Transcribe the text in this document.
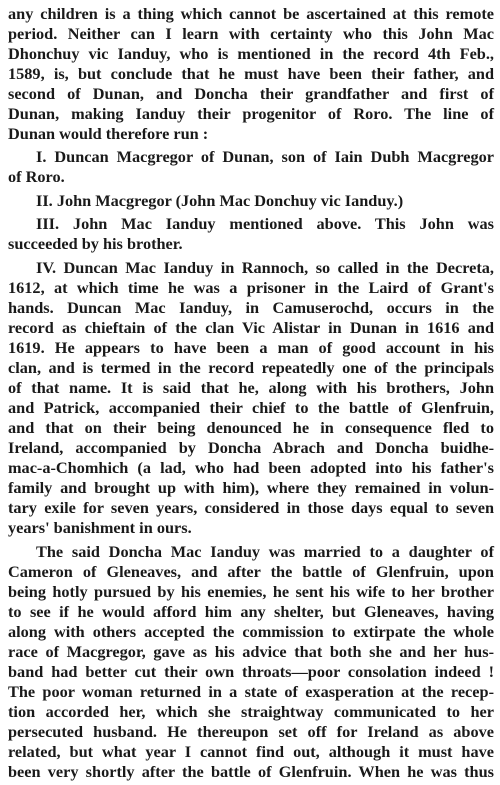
any children is a thing which cannot be ascertained at this remote
period. Neither can I learn with certainty who this John Mac
Dhonchuy vic Ianduy, who is mentioned in the record 4th Feb.,
1589, is, but conclude that he must have been their father, and
second of Dunan, and Doncha their grandfather and first of
Dunan, making Ianduy their progenitor of Roro. The line of
Dunan would therefore run :
I. Duncan Macgregor of Dunan, son of Iain Dubh Macgregor
of Roro.
II. John Macgregor (John Mac Donchuy vic Ianduy.)
III. John Mac Ianduy mentioned above. This John was
succeeded by his brother.
IV. Duncan Mac Ianduy in Rannoch, so called in the Decreta,
1612, at which time he was a prisoner in the Laird of Grant's
hands. Duncan Mac Ianduy, in Camuserochd, occurs in the
record as chieftain of the clan Vic Alistar in Dunan in 1616 and
1619. He appears to have been a man of good account in his
clan, and is termed in the record repeatedly one of the principals
of that name. It is said that he, along with his brothers, John
and Patrick, accompanied their chief to the battle of Glenfruin,
and that on their being denounced he in consequence fled to
Ireland, accompanied by Doncha Abrach and Doncha buidhe-
mac-a-Chomhich (a lad, who had been adopted into his father's
family and brought up with him), where they remained in volun-
tary exile for seven years, considered in those days equal to seven
years' banishment in ours.
The said Doncha Mac Ianduy was married to a daughter of
Cameron of Gleneaves, and after the battle of Glenfruin, upon
being hotly pursued by his enemies, he sent his wife to her brother
to see if he would afford him any shelter, but Gleneaves, having
along with others accepted the commission to extirpate the whole
race of Macgregor, gave as his advice that both she and her hus-
band had better cut their own throats—poor consolation indeed !
The poor woman returned in a state of exasperation at the recep-
tion accorded her, which she straightway communicated to her
persecuted husband. He thereupon set off for Ireland as above
related, but what year I cannot find out, although it must have
been very shortly after the battle of Glenfruin. When he was thus
